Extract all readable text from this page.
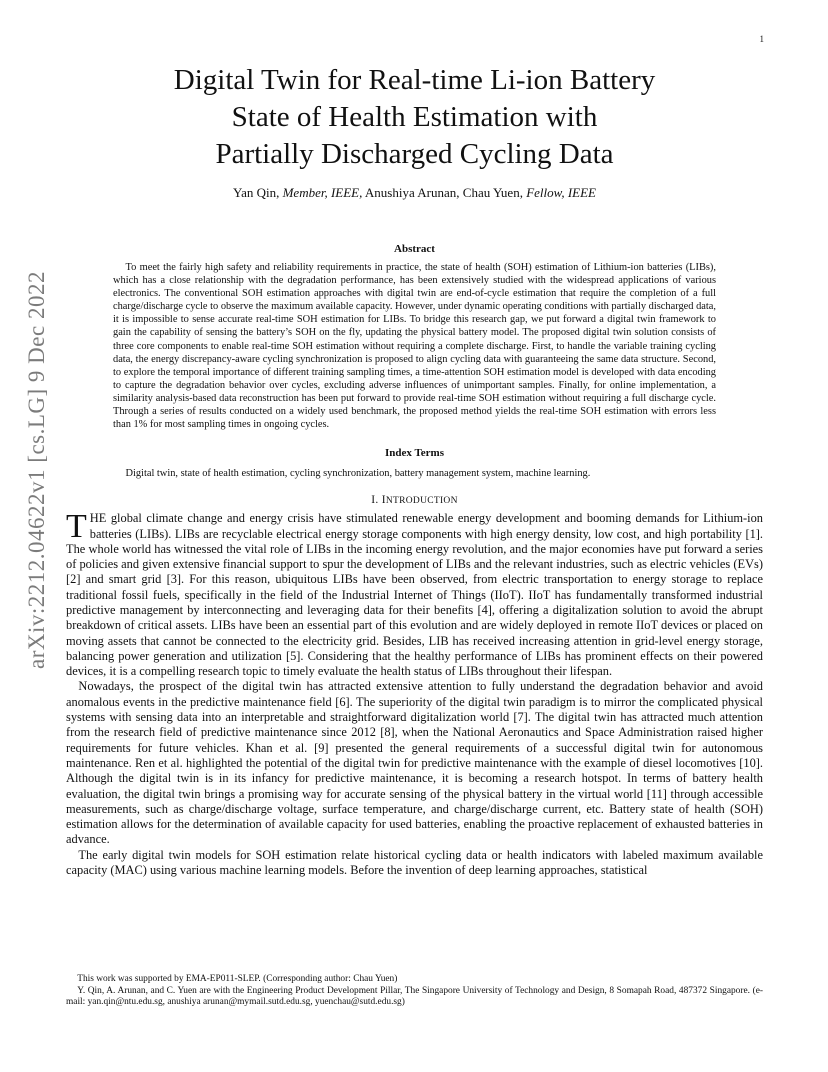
1
arXiv:2212.04622v1 [cs.LG] 9 Dec 2022
Digital Twin for Real-time Li-ion Battery
State of Health Estimation with
Partially Discharged Cycling Data
Yan Qin, Member, IEEE, Anushiya Arunan, Chau Yuen, Fellow, IEEE
Abstract

To meet the fairly high safety and reliability requirements in practice, the state of health (SOH) estimation of Lithium-ion batteries (LIBs), which has a close relationship with the degradation performance, has been extensively studied with the widespread applications of various electronics. The conventional SOH estimation approaches with digital twin are end-of-cycle estimation that require the completion of a full charge/discharge cycle to observe the maximum available capacity. However, under dynamic operating conditions with partially discharged data, it is impossible to sense accurate real-time SOH estimation for LIBs. To bridge this research gap, we put forward a digital twin framework to gain the capability of sensing the battery’s SOH on the fly, updating the physical battery model. The proposed digital twin solution consists of three core components to enable real-time SOH estimation without requiring a complete discharge. First, to handle the variable training cycling data, the energy discrepancy-aware cycling synchronization is proposed to align cycling data with guaranteeing the same data structure. Second, to explore the temporal importance of different training sampling times, a time-attention SOH estimation model is developed with data encoding to capture the degradation behavior over cycles, excluding adverse influences of unimportant samples. Finally, for online implementation, a similarity analysis-based data reconstruction has been put forward to provide real-time SOH estimation without requiring a full discharge cycle. Through a series of results conducted on a widely used benchmark, the proposed method yields the real-time SOH estimation with errors less than 1% for most sampling times in ongoing cycles.

Index Terms

Digital twin, state of health estimation, cycling synchronization, battery management system, machine learning.

I. INTRODUCTION

THE global climate change and energy crisis have stimulated renewable energy development and booming demands for Lithium-ion batteries (LIBs). LIBs are recyclable electrical energy storage components with high energy density, low cost, and high portability [1]. The whole world has witnessed the vital role of LIBs in the incoming energy revolution, and the major economies have put forward a series of policies and given extensive financial support to spur the development of LIBs and the relevant industries, such as electric vehicles (EVs) [2] and smart grid [3]. For this reason, ubiquitous LIBs have been observed, from electric transportation to energy storage to replace traditional fossil fuels, specifically in the field of the Industrial Internet of Things (IIoT). IIoT has fundamentally transformed industrial predictive management by interconnecting and leveraging data for their benefits [4], offering a digitalization solution to avoid the abrupt breakdown of critical assets. LIBs have been an essential part of this evolution and are widely deployed in remote IIoT devices or placed on moving assets that cannot be connected to the electricity grid. Besides, LIB has received increasing attention in grid-level energy storage, balancing power generation and utilization [5]. Considering that the healthy performance of LIBs has prominent effects on their powered devices, it is a compelling research topic to timely evaluate the health status of LIBs throughout their lifespan.

Nowadays, the prospect of the digital twin has attracted extensive attention to fully understand the degradation behavior and avoid anomalous events in the predictive maintenance field [6]. The superiority of the digital twin paradigm is to mirror the complicated physical systems with sensing data into an interpretable and straightforward digitalization world [7]. The digital twin has attracted much attention from the research field of predictive maintenance since 2012 [8], when the National Aeronautics and Space Administration raised higher requirements for future vehicles. Khan et al. [9] presented the general requirements of a successful digital twin for autonomous maintenance. Ren et al. highlighted the potential of the digital twin for predictive maintenance with the example of diesel locomotives [10]. Although the digital twin is in its infancy for predictive maintenance, it is becoming a research hotspot. In terms of battery health evaluation, the digital twin brings a promising way for accurate sensing of the physical battery in the virtual world [11] through accessible measurements, such as charge/discharge voltage, surface temperature, and charge/discharge current, etc. Battery state of health (SOH) estimation allows for the determination of available capacity for used batteries, enabling the proactive replacement of exhausted batteries in advance.

The early digital twin models for SOH estimation relate historical cycling data or health indicators with labeled maximum available capacity (MAC) using various machine learning models. Before the invention of deep learning approaches, statistical

This work was supported by EMA-EP011-SLEP. (Corresponding author: Chau Yuen)

Y. Qin, A. Arunan, and C. Yuen are with the Engineering Product Development Pillar, The Singapore University of Technology and Design, 8 Somapah Road, 487372 Singapore. (e-mail: yan.qin@ntu.edu.sg, anushiya arunan@mymail.sutd.edu.sg, yuenchau@sutd.edu.sg)
